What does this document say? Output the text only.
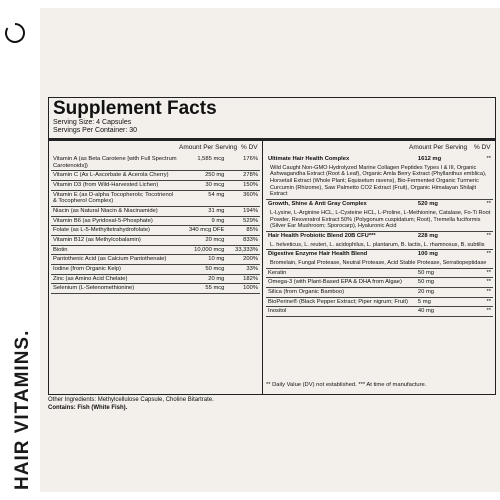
HAIR VITAMINS.
Supplement Facts
Serving Size: 4 Capsules
Servings Per Container: 30
Amount Per Serving % DV	Amount Per Serving % DV
Vitamin A (as Beta Carotene [with Full Spectrum Carotenoids])	1,585 mcg	176%
Vitamin C (As L-Ascorbate & Acerola Cherry)	250 mg	278%
Vitamin D3 (from Wild-Harvested Lichen)	30 mcg	150%
Vitamin E (as D-alpha Tocopherols; Tocotrienol & Tocopherol Complex)	54 mg	360%
Niacin (as Natural Niacin & Niacinamide)	31 mg	194%
Vitamin B6 (as Pyridoxal-5-Phosphate)	9 mg	529%
Folate (as L-5-Methyltetrahydrofolate)	340 mcg DFE	85%
Vitamin B12 (as Methylcobalamin)	20 mcg	833%
Biotin	10,000 mcg	33,333%
Pantothenic Acid (as Calcium Pantothenate)	10 mg	200%
Iodine (from Organic Kelp)	50 mcg	33%
Zinc (as Amino Acid Chelate)	20 mg	182%
Selenium (L-Selenomethionine)	55 mcg	100%
Ultimate Hair Health Complex	1612 mg	**
Wild Caught Non-GMO Hydrolyzed Marine Collagen Peptides Types I & III, Organic Ashwagandha Extract (Root & Leaf), Organic Amla Berry Extract (Phyllanthus emblica), Horsetail Extract (Whole Plant; Equisetum ravens), Bio-Fermented Organic Turmeric Curcumin (Rhizome), Saw Palmetto CO2 Extract (Fruit), Organic Himalayan Shilajit Extract		
Growth, Shine & Anti Gray Complex	520 mg	**
L-Lysine, L-Arginine HCL, L-Cysteine HCL, L-Proline, L-Methionine, Catalase, Fo-Ti Root Powder, Resveratrol Extract 50% (Polygonum cuspidatum; Root), Tremella fuciformis (Silver Ear Mushroom; Sporocarp), Hyaluronic Acid		
Hair Health Probiotic Blend 20B CFU***	228 mg	**
L. helveticus, L. reuteri, L. acidophilus, L. plantarum, B. lactis, L. rhamnosus, B. subtilis		
Digestive Enzyme Hair Health Blend	100 mg	**
Bromelain, Fungal Protease, Neutral Protease, Acid Stable Protease, Serratiopeptidase		
Keratin	50 mg	**
Omega-3 (with Plant-Based EPA & DHA from Algae)	50 mg	**
Silica (from Organic Bamboo)	20 mg	**
BioPerine® (Black Pepper Extract; Piper nigrum; Fruit)	5 mg	**
Inositol	40 mg	**
** Daily Value (DV) not established. *** At time of manufacture.
Other Ingredients: Methylcellulose Capsule, Choline Bitartrate.
Contains: Fish (White Fish).
